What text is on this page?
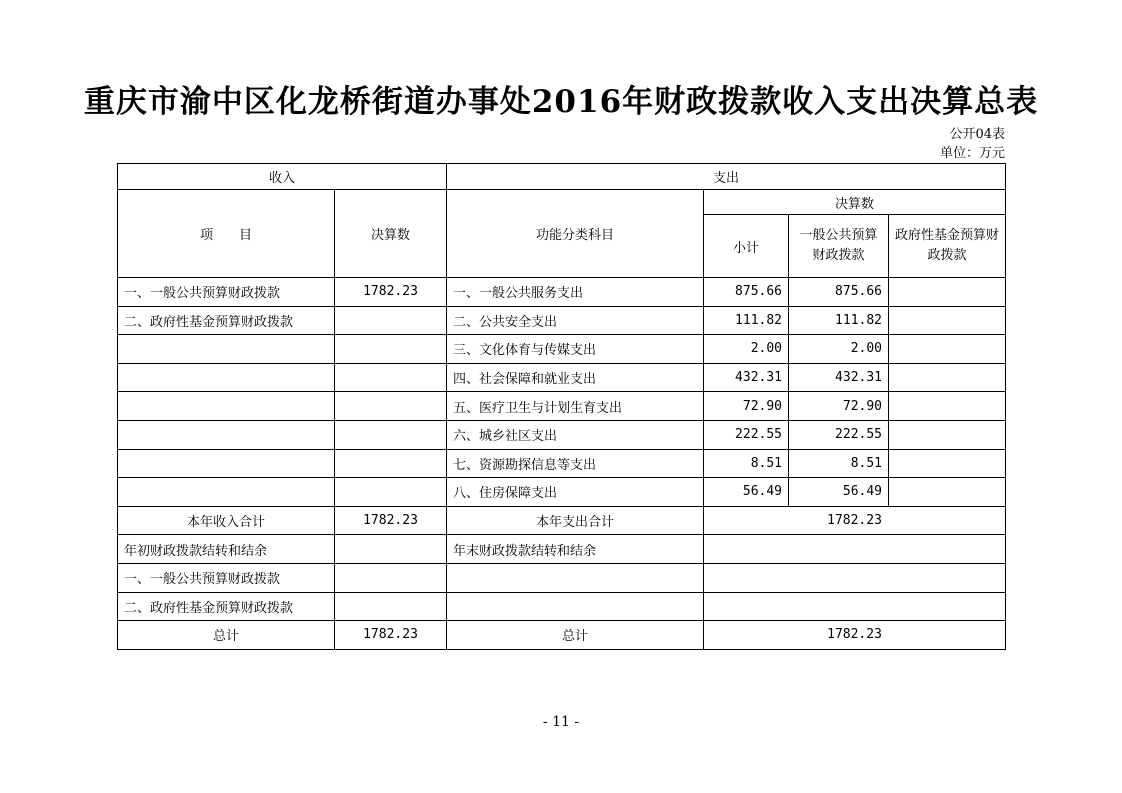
重庆市渝中区化龙桥街道办事处2016年财政拨款收入支出决算总表
公开04表
单位：万元
收入		支出			
项　　目	决算数	功能分类科目	决算数		
			小计	一般公共预算财政拨款	政府性基金预算财政拨款
一、一般公共预算财政拨款	1782.23	一、一般公共服务支出	875.66	875.66	
二、政府性基金预算财政拨款		二、公共安全支出	111.82	111.82	
		三、文化体育与传媒支出	2.00	2.00	
		四、社会保障和就业支出	432.31	432.31	
		五、医疗卫生与计划生育支出	72.90	72.90	
		六、城乡社区支出	222.55	222.55	
		七、资源勘探信息等支出	8.51	8.51	
		八、住房保障支出	56.49	56.49	
本年收入合计	1782.23	本年支出合计	1782.23		
年初财政拨款结转和结余		年末财政拨款结转和结余			
一、一般公共预算财政拨款					
二、政府性基金预算财政拨款					
总计	1782.23	总计	1782.23		
- 11 -
